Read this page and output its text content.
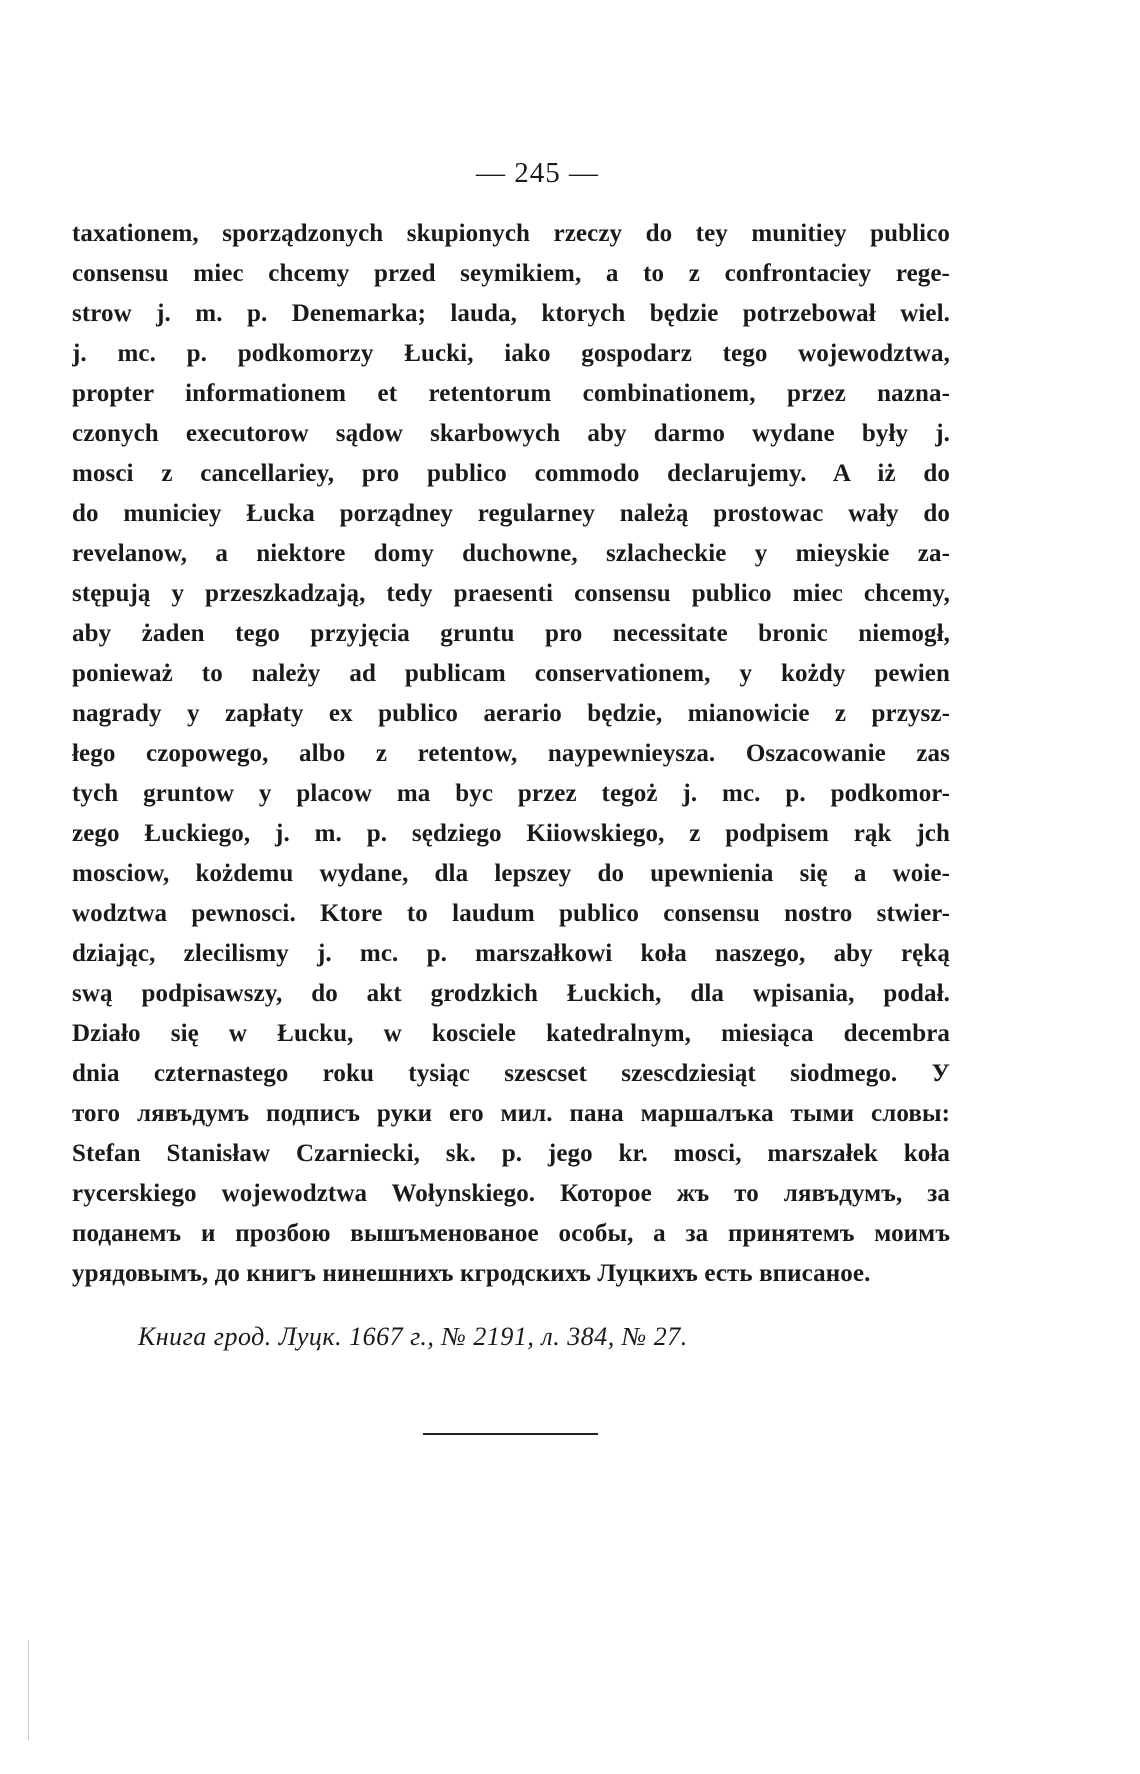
— 245 —
taxationem, sporządzonych skupionych rzeczy do tey munitiey publico
consensu miec chcemy przed seymikiem, a to z confrontaciey rege-
strow j. m. p. Denemarka; lauda, ktorych będzie potrzebował wiel.
j. mc. p. podkomorzy Łucki, iako gospodarz tego wojewodztwa,
propter informationem et retentorum combinationem, przez nazna-
czonych executorow sądow skarbowych aby darmo wydane były j.
mosci z cancellariey, pro publico commodo declarujemy. A iż do
do municiey Łucka porządney regularney należą prostowac wały do
revelanow, a niektore domy duchowne, szlacheckie y mieyskie za-
stępują y przeszkadzają, tedy praesenti consensu publico miec chcemy,
aby żaden tego przyjęcia gruntu pro necessitate bronic niemogł,
ponieważ to należy ad publicam conservationem, y kożdy pewien
nagrady y zapłaty ex publico aerario będzie, mianowicie z przysz-
łego czopowego, albo z retentow, naypewnieysza. Oszacowanie zas
tych gruntow y placow ma byc przez tegoż j. mc. p. podkomor-
zego Łuckiego, j. m. p. sędziego Kiiowskiego, z podpisem rąk jch
mosciow, kożdemu wydane, dla lepszey do upewnienia się a woie-
wodztwa pewnosci. Ktore to laudum publico consensu nostro stwier-
dziając, zlecilismy j. mc. p. marszałkowi koła naszego, aby ręką
swą podpisawszy, do akt grodzkich Łuckich, dla wpisania, podał.
Działo się w Łucku, w kosciele katedralnym, miesiąca decembra
dnia czternastego roku tysiąc szescset szescdziesiąt siodmego. У
того лявъдумъ подписъ руки его мил. пана маршалъка тыми словы:
Stefan Stanisław Czarniecki, sk. p. jego kr. mosci, marszałek koła
rycerskiego wojewodztwa Wołynskiego. Которое жъ то лявъдумъ, за
поданемъ и прозбою вышъменованое особы, а за принятемъ моимъ
урядовымъ, до книгъ нинешнихъ кгродскихъ Луцкихъ есть вписаное.
Книга грод. Луцк. 1667 г., № 2191, л. 384, № 27.
